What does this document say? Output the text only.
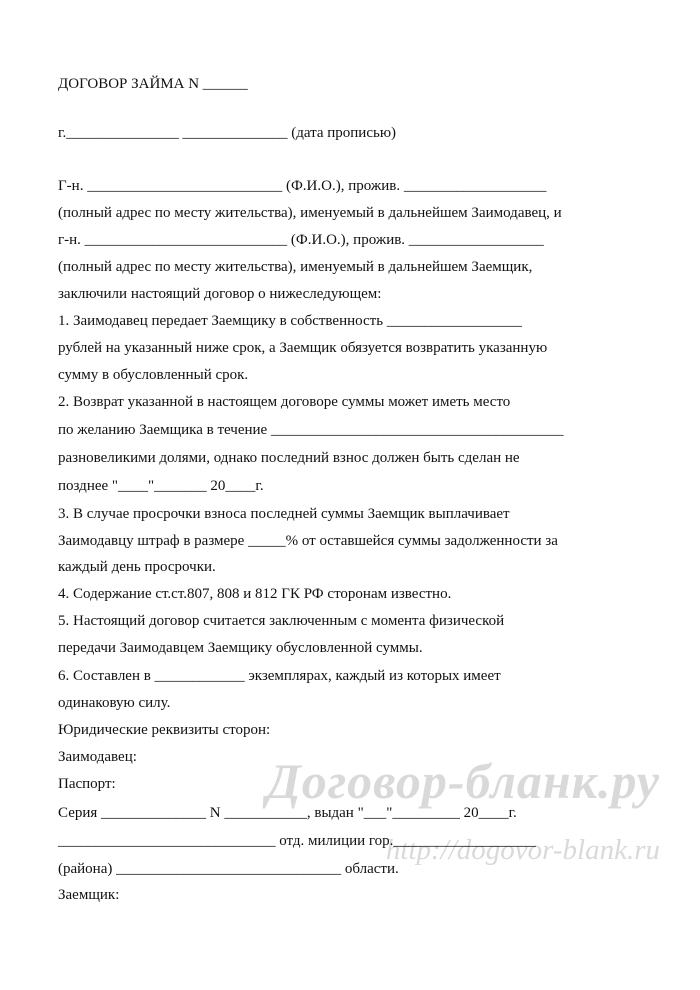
Договор-бланк.ру
http://dogovor-blank.ru

ДОГОВОР ЗАЙМА N ______

г._______________ ______________ (дата прописью)

Г-н. __________________________ (Ф.И.О.), прожив. ___________________

(полный адрес по месту жительства), именуемый в дальнейшем Заимодавец, и

г-н. ___________________________ (Ф.И.О.), прожив. __________________

(полный адрес по месту жительства), именуемый в дальнейшем Заемщик,

заключили настоящий договор о нижеследующем:

1. Заимодавец передает Заемщику в собственность __________________

рублей на указанный ниже срок, а Заемщик обязуется возвратить указанную

сумму в обусловленный срок.

2. Возврат указанной в настоящем договоре суммы может иметь место

по желанию Заемщика в течение _______________________________________

разновеликими долями, однако последний взнос должен быть сделан не

позднее "____"_______ 20____г.

3. В случае просрочки взноса последней суммы Заемщик выплачивает

Заимодавцу штраф в размере _____% от оставшейся суммы задолженности за

каждый день просрочки.

4. Содержание ст.ст.807, 808 и 812 ГК РФ сторонам известно.

5. Настоящий договор считается заключенным с момента физической

передачи Заимодавцем Заемщику обусловленной суммы.

6. Составлен в ____________ экземплярах, каждый из которых имеет

одинаковую силу.

Юридические реквизиты сторон:

Заимодавец:

Паспорт:

Серия ______________ N ___________, выдан "___"_________ 20____г.

_____________________________ отд. милиции гор.___________________

(района) ______________________________ области.

Заемщик:
